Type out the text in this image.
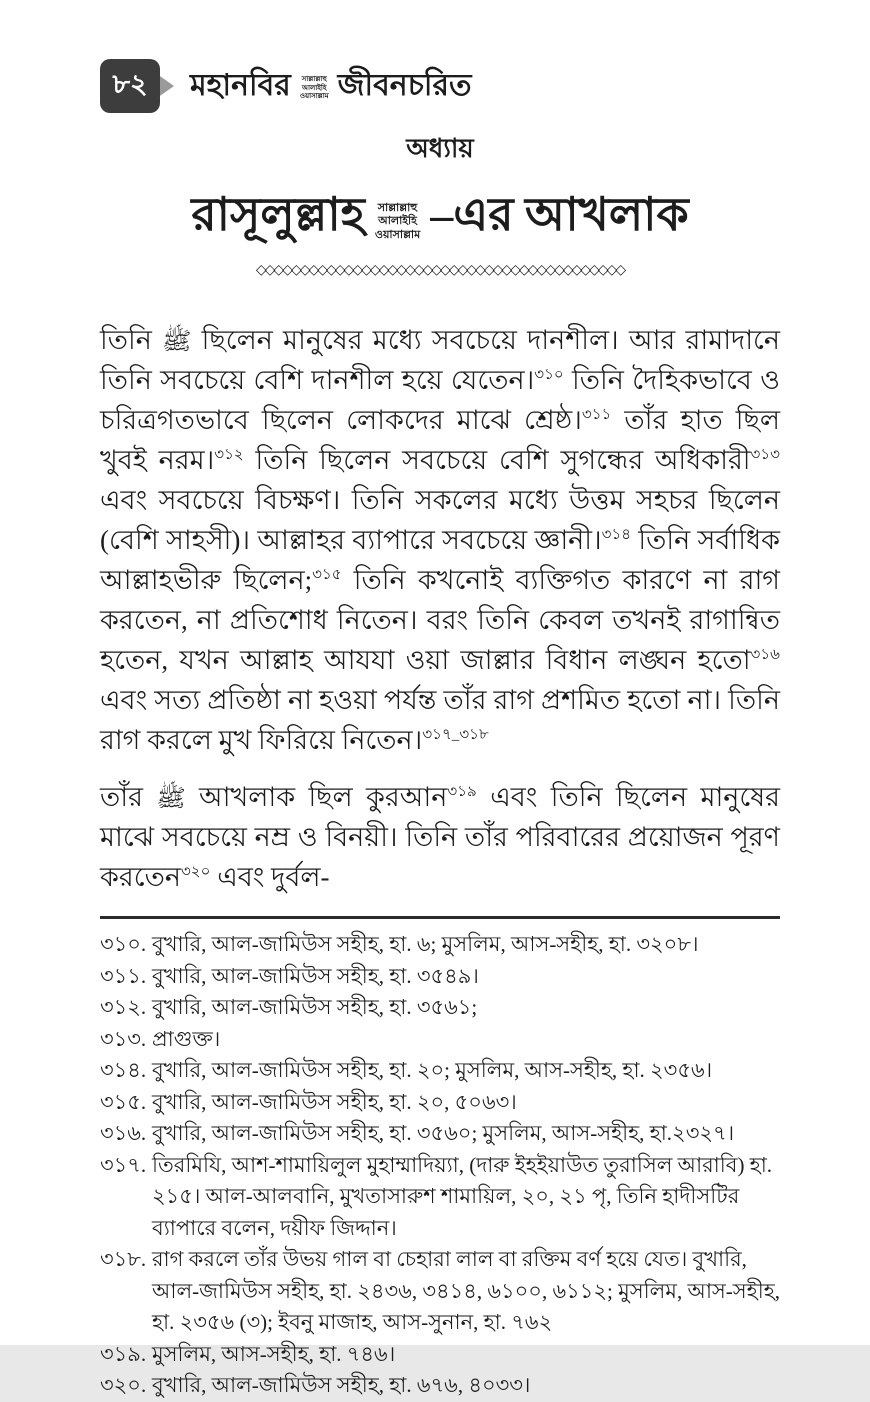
৮২ মহানবির সাল্লাল্লাহু
আলাইহি
ওয়াসাল্লাম জীবনচরিত
অধ্যায়
রাসূলুল্লাহ সাল্লাল্লাহু
আলাইহি
ওয়াসাল্লাম –এর আখলাক
◇◇◇◇◇◇◇◇◇◇◇◇◇◇◇◇◇◇◇◇◇◇◇◇◇◇◇◇◇◇◇◇◇◇◇◇◇◇◇◇◇◇

তিনি ﷺ ছিলেন মানুষের মধ্যে সবচেয়ে দানশীল। আর রামাদানে তিনি সবচেয়ে বেশি দানশীল হয়ে যেতেন।$^{৩১০}$ তিনি দৈহিকভাবে ও চরিত্রগতভাবে ছিলেন লোকদের মাঝে শ্রেষ্ঠ।$^{৩১১}$ তাঁর হাত ছিল খুবই নরম।$^{৩১২}$ তিনি ছিলেন সবচেয়ে বেশি সুগন্ধের অধিকারী$^{৩১৩}$ এবং সবচেয়ে বিচক্ষণ। তিনি সকলের মধ্যে উত্তম সহচর ছিলেন (বেশি সাহসী)। আল্লাহর ব্যাপারে সবচেয়ে জ্ঞানী।$^{৩১৪}$ তিনি সর্বাধিক আল্লাহভীরু ছিলেন;$^{৩১৫}$ তিনি কখনোই ব্যক্তিগত কারণে না রাগ করতেন, না প্রতিশোধ নিতেন। বরং তিনি কেবল তখনই রাগান্বিত হতেন, যখন আল্লাহ আযযা ওয়া জাল্লার বিধান লঙ্ঘন হতো$^{৩১৬}$ এবং সত্য প্রতিষ্ঠা না হওয়া পর্যন্ত তাঁর রাগ প্রশমিত হতো না। তিনি রাগ করলে মুখ ফিরিয়ে নিতেন।$^{৩১৭\_৩১৮}$

তাঁর ﷺ আখলাক ছিল কুরআন$^{৩১৯}$ এবং তিনি ছিলেন মানুষের মাঝে সবচেয়ে নম্র ও বিনয়ী। তিনি তাঁর পরিবারের প্রয়োজন পূরণ করতেন$^{৩২০}$ এবং দুর্বল-

৩১০. বুখারি, আল-জামিউস সহীহ, হা. ৬; মুসলিম, আস-সহীহ, হা. ৩২০৮।
৩১১. বুখারি, আল-জামিউস সহীহ, হা. ৩৫৪৯।
৩১২. বুখারি, আল-জামিউস সহীহ, হা. ৩৫৬১;
৩১৩. প্রাগুক্ত।
৩১৪. বুখারি, আল-জামিউস সহীহ, হা. ২০; মুসলিম, আস-সহীহ, হা. ২৩৫৬।
৩১৫. বুখারি, আল-জামিউস সহীহ, হা. ২০, ৫০৬৩।
৩১৬. বুখারি, আল-জামিউস সহীহ, হা. ৩৫৬০; মুসলিম, আস-সহীহ, হা.২৩২৭।
৩১৭. তিরমিযি, আশ-শামায়িলুল মুহাম্মাদিয়্যা, (দারু ইহইয়াউত তুরাসিল আরাবি) হা. ২১৫। আল-আলবানি, মুখতাসারুশ শামায়িল, ২০, ২১ পৃ, তিনি হাদীসটির ব্যাপারে বলেন, দয়ীফ জিদ্দান।
৩১৮. রাগ করলে তাঁর উভয় গাল বা চেহারা লাল বা রক্তিম বর্ণ হয়ে যেত। বুখারি, আল-জামিউস সহীহ, হা. ২৪৩৬, ৩৪১৪, ৬১০০, ৬১১২; মুসলিম, আস-সহীহ, হা. ২৩৫৬ (৩); ইবনু মাজাহ, আস-সুনান, হা. ৭৬২
৩১৯. মুসলিম, আস-সহীহ, হা. ৭৪৬।
৩২০. বুখারি, আল-জামিউস সহীহ, হা. ৬৭৬, ৪০৩৩।
